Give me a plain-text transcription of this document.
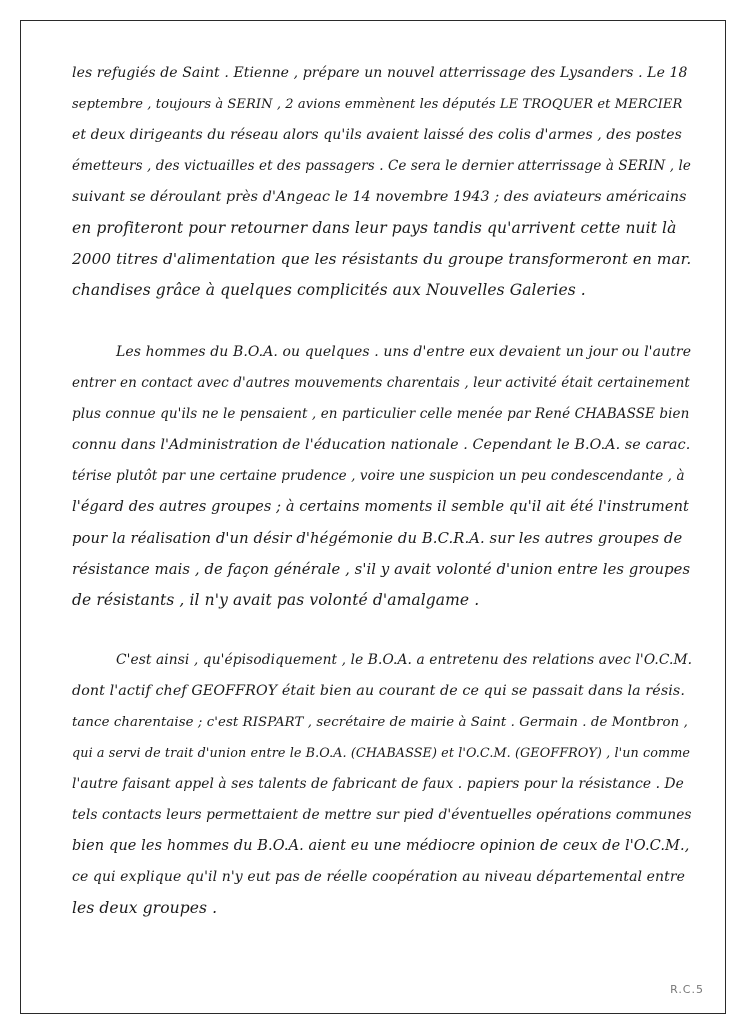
les refugiés de Saint . Etienne , prépare un nouvel atterrissage des Lysanders . Le 18
septembre , toujours à SERIN , 2 avions emmènent les députés LE TROQUER et MERCIER
et deux dirigeants du réseau alors qu'ils avaient laissé des colis d'armes , des postes
émetteurs , des victuailles et des passagers . Ce sera le dernier atterrissage à SERIN , le
suivant se déroulant près d'Angeac le 14 novembre 1943 ; des aviateurs américains
en profiteront pour retourner dans leur pays tandis qu'arrivent cette nuit là
2000 titres d'alimentation que les résistants du groupe transformeront en mar.
chandises grâce à quelques complicités aux Nouvelles Galeries .
Les hommes du B.O.A. ou quelques . uns d'entre eux devaient un jour ou l'autre
entrer en contact avec d'autres mouvements charentais , leur activité était certainement
plus connue qu'ils ne le pensaient , en particulier celle menée par René CHABASSE bien
connu dans l'Administration de l'éducation nationale . Cependant le B.O.A. se carac.
térise plutôt par une certaine prudence , voire une suspicion un peu condescendante , à
l'égard des autres groupes ; à certains moments il semble qu'il ait été l'instrument
pour la réalisation d'un désir d'hégémonie du B.C.R.A. sur les autres groupes de
résistance mais , de façon générale , s'il y avait volonté d'union entre les groupes
de résistants , il n'y avait pas volonté d'amalgame .
C'est ainsi , qu'épisodiquement , le B.O.A. a entretenu des relations avec l'O.C.M.
dont l'actif chef GEOFFROY était bien au courant de ce qui se passait dans la résis.
tance charentaise ; c'est RISPART , secrétaire de mairie à Saint . Germain . de Montbron ,
qui a servi de trait d'union entre le B.O.A. (CHABASSE) et l'O.C.M. (GEOFFROY) , l'un comme
l'autre faisant appel à ses talents de fabricant de faux . papiers pour la résistance . De
tels contacts leurs permettaient de mettre sur pied d'éventuelles opérations communes
bien que les hommes du B.O.A. aient eu une médiocre opinion de ceux de l'O.C.M.,
ce qui explique qu'il n'y eut pas de réelle coopération au niveau départemental entre
les deux groupes .
R.C.5
